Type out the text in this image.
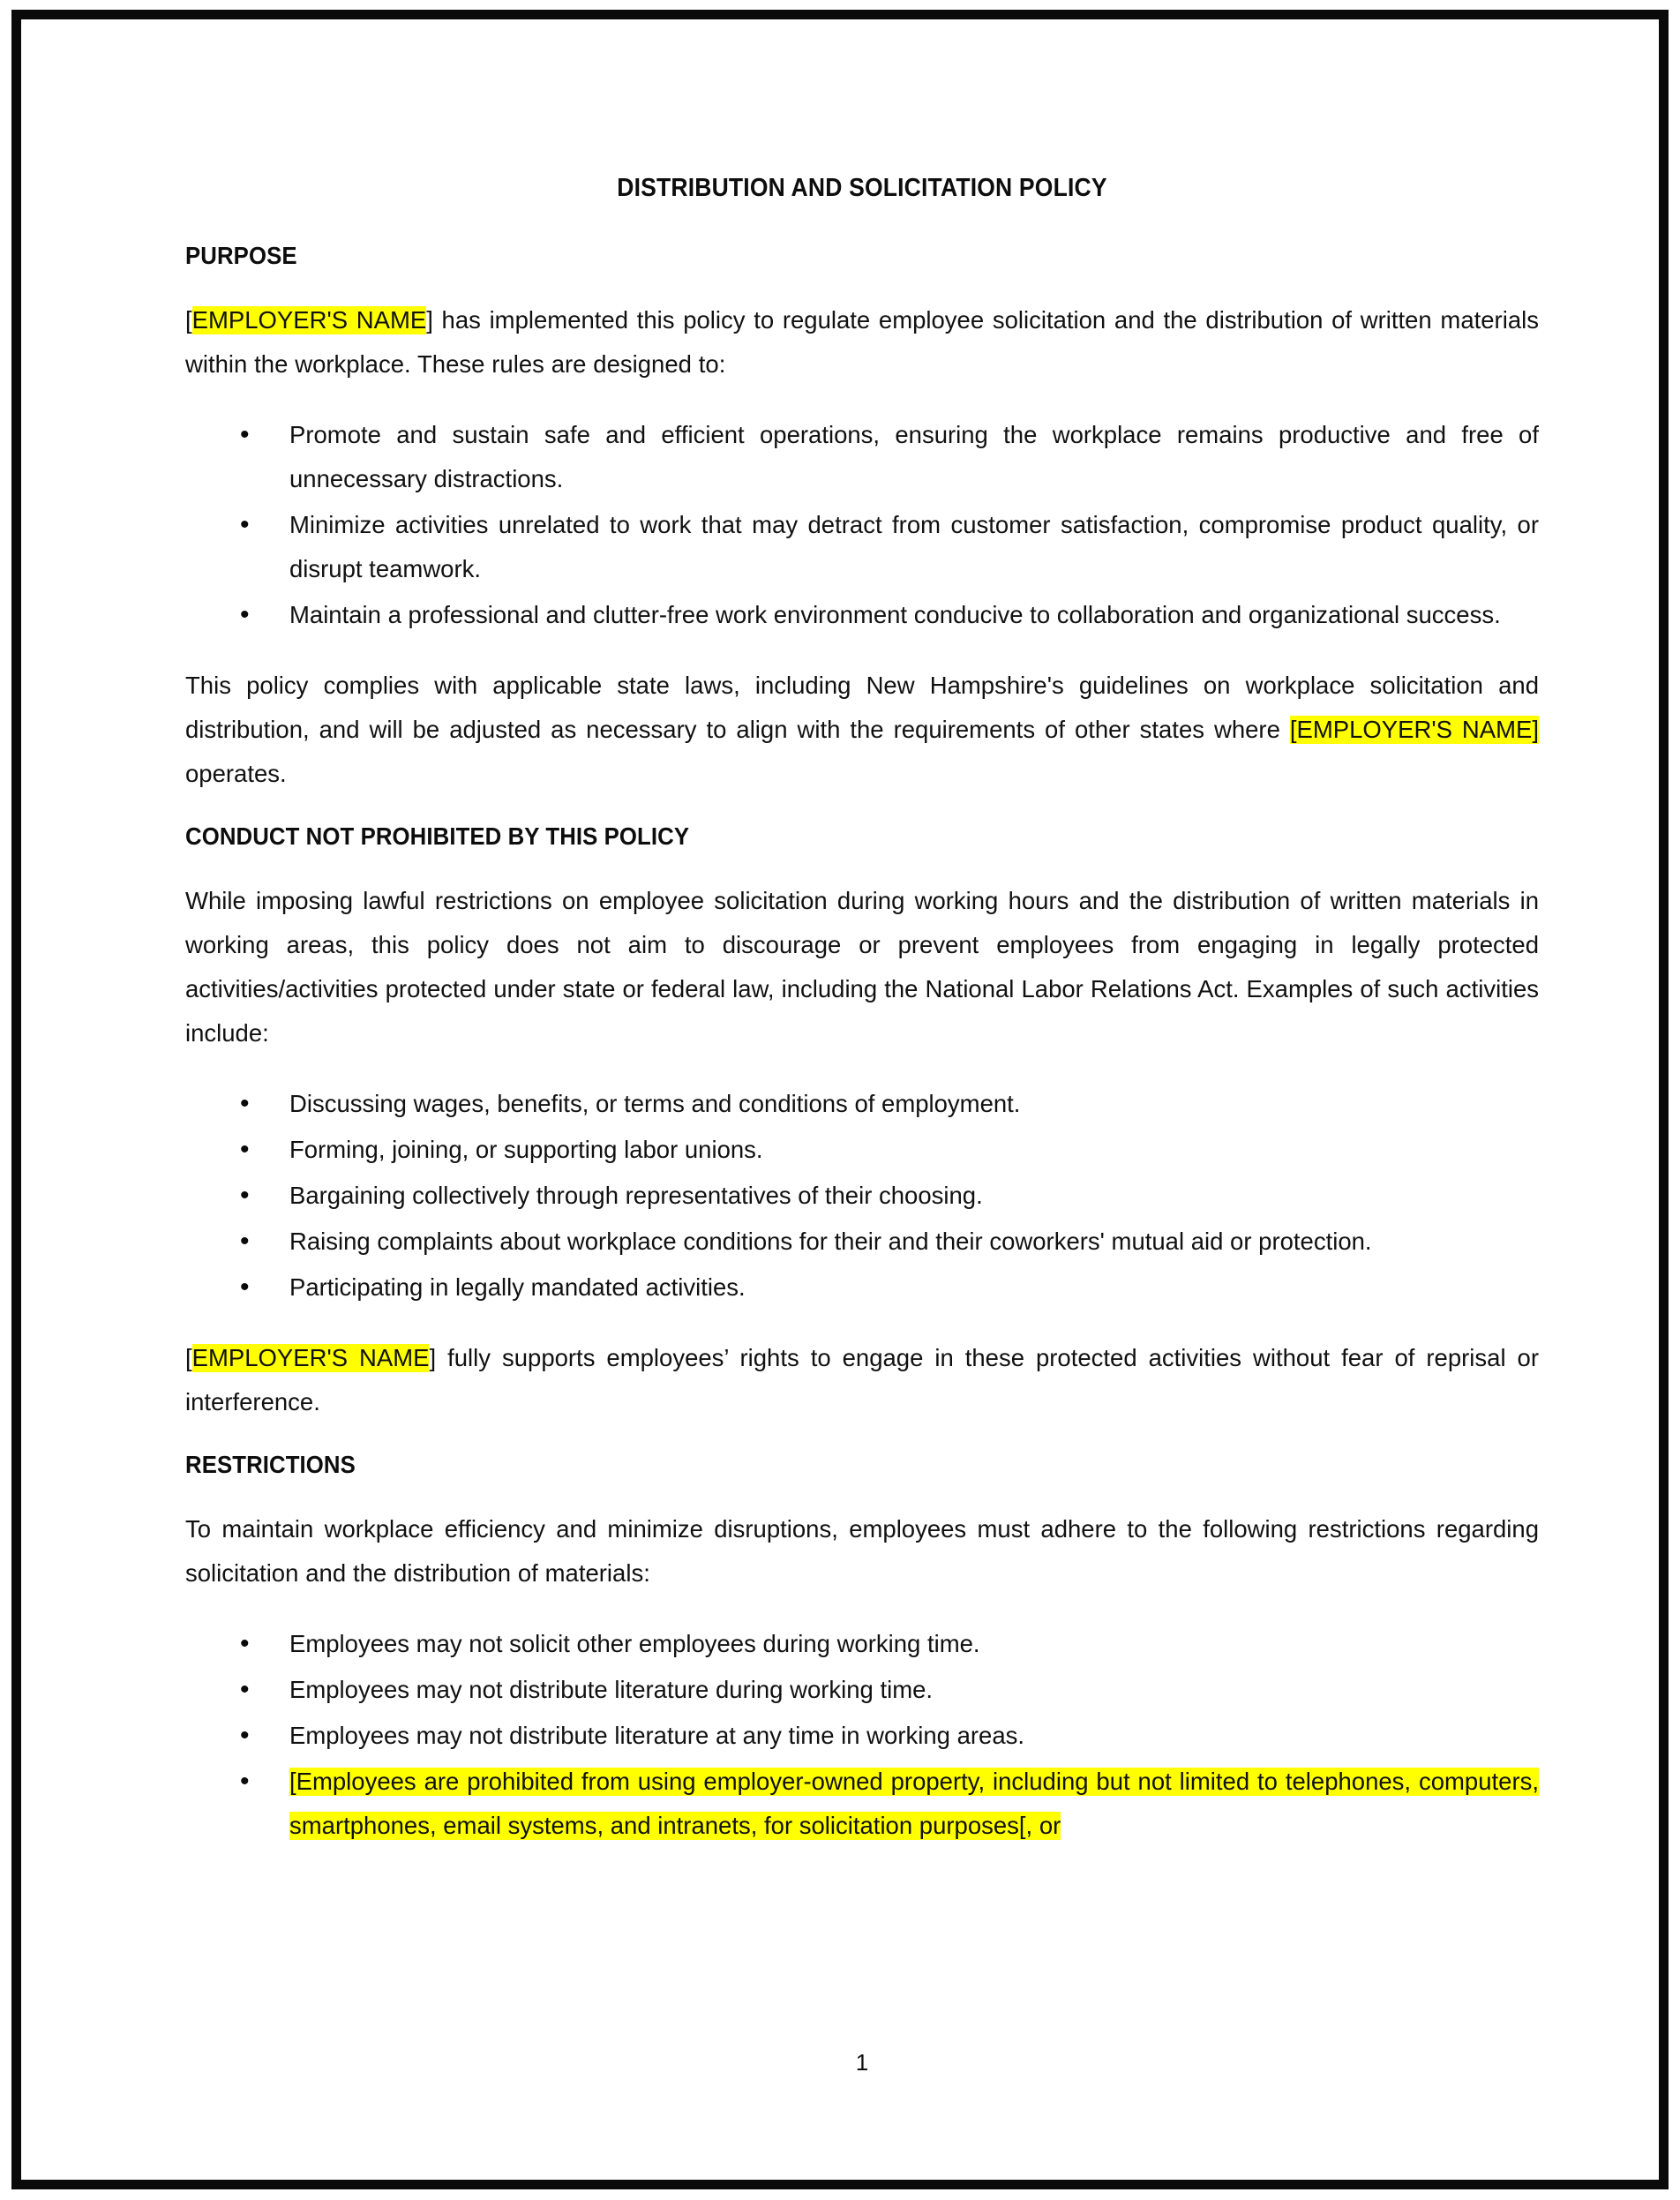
DISTRIBUTION AND SOLICITATION POLICY
PURPOSE

[EMPLOYER'S NAME] has implemented this policy to regulate employee solicitation and the distribution of written materials within the workplace. These rules are designed to:

• Promote and sustain safe and efficient operations, ensuring the workplace remains productive and free of unnecessary distractions.
• Minimize activities unrelated to work that may detract from customer satisfaction, compromise product quality, or disrupt teamwork.
• Maintain a professional and clutter-free work environment conducive to collaboration and organizational success.

This policy complies with applicable state laws, including New Hampshire's guidelines on workplace solicitation and distribution, and will be adjusted as necessary to align with the requirements of other states where [EMPLOYER'S NAME] operates.

CONDUCT NOT PROHIBITED BY THIS POLICY

While imposing lawful restrictions on employee solicitation during working hours and the distribution of written materials in working areas, this policy does not aim to discourage or prevent employees from engaging in legally protected activities/activities protected under state or federal law, including the National Labor Relations Act. Examples of such activities include:

• Discussing wages, benefits, or terms and conditions of employment.
• Forming, joining, or supporting labor unions.
• Bargaining collectively through representatives of their choosing.
• Raising complaints about workplace conditions for their and their coworkers' mutual aid or protection.
• Participating in legally mandated activities.

[EMPLOYER'S NAME] fully supports employees’ rights to engage in these protected activities without fear of reprisal or interference.

RESTRICTIONS

To maintain workplace efficiency and minimize disruptions, employees must adhere to the following restrictions regarding solicitation and the distribution of materials:

• Employees may not solicit other employees during working time.
• Employees may not distribute literature during working time.
• Employees may not distribute literature at any time in working areas.
• [Employees are prohibited from using employer-owned property, including but not limited to telephones, computers, smartphones, email systems, and intranets, for solicitation purposes[, or
1
